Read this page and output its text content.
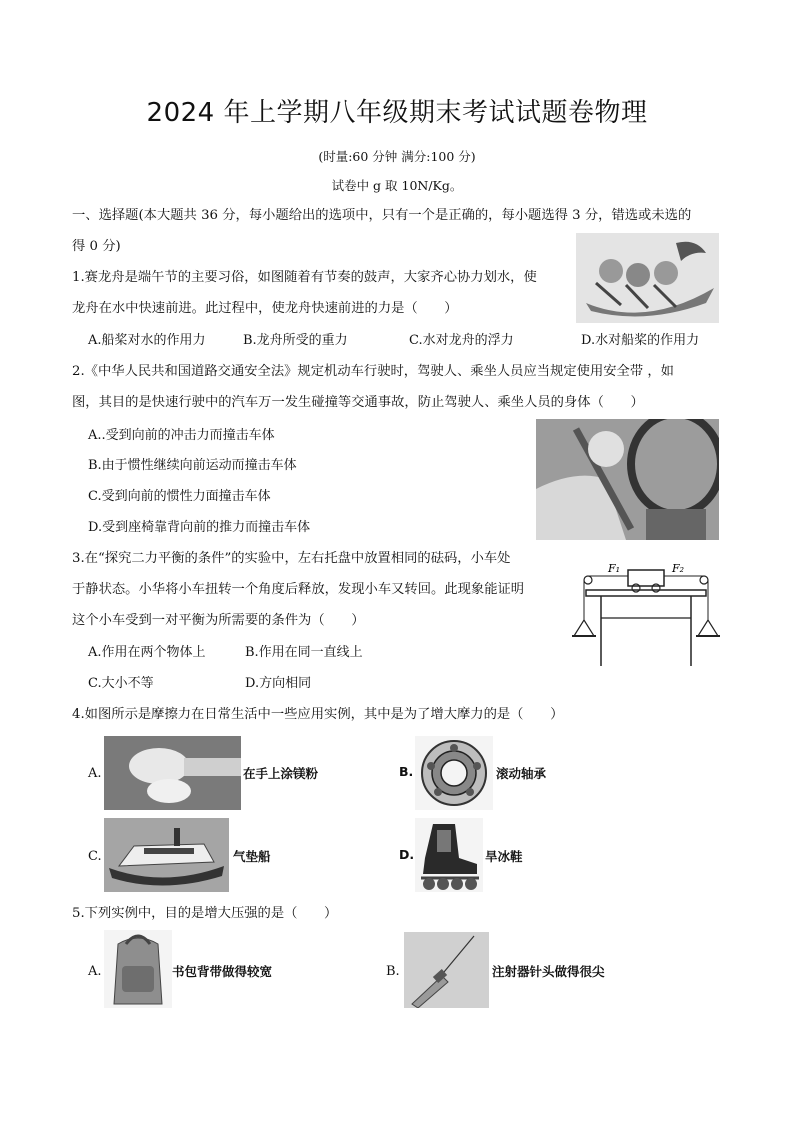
2024 年上学期八年级期末考试试题卷物理
(时量:60 分钟 满分:100 分)
试卷中 g 取 10N/Kg。
一、选择题(本大题共 36 分，每小题给出的选项中，只有一个是正确的，每小题选得 3 分，错选或未选的
得 0 分)
1.赛龙舟是端午节的主要习俗，如图随着有节奏的鼓声，大家齐心协力划水，使
龙舟在水中快速前进。此过程中，使龙舟快速前进的力是（　　）
A.船桨对水的作用力	B.龙舟所受的重力	C.水对龙舟的浮力	D.水对船桨的作用力
2.《中华人民共和国道路交通安全法》规定机动车行驶时，驾驶人、乘坐人员应当规定使用安全带 ，如
图，其目的是快速行驶中的汽车万一发生碰撞等交通事故，防止驾驶人、乘坐人员的身体（　　）
A..受到向前的冲击力而撞击车体
B.由于惯性继续向前运动而撞击车体
C.受到向前的惯性力面撞击车体
D.受到座椅靠背向前的推力而撞击车体
3.在“探究二力平衡的条件”的实验中，左右托盘中放置相同的砝码，小车处
于静状态。小华将小车扭转一个角度后释放，发现小车又转回。此现象能证明
这个小车受到一对平衡为所需要的条件为（　　）
F₁	F₂
A.作用在两个物体上	B.作用在同一直线上
C.大小不等	D.方向相同
4.如图所示是摩擦力在日常生活中一些应用实例，其中是为了增大摩力的是（　　）
A.	在手上涂镁粉	B.	滚动轴承
C.	气垫船	D.	旱冰鞋
5.下列实例中，目的是增大压强的是（　　）
A.	书包背带做得较宽	B.	注射器针头做得很尖
